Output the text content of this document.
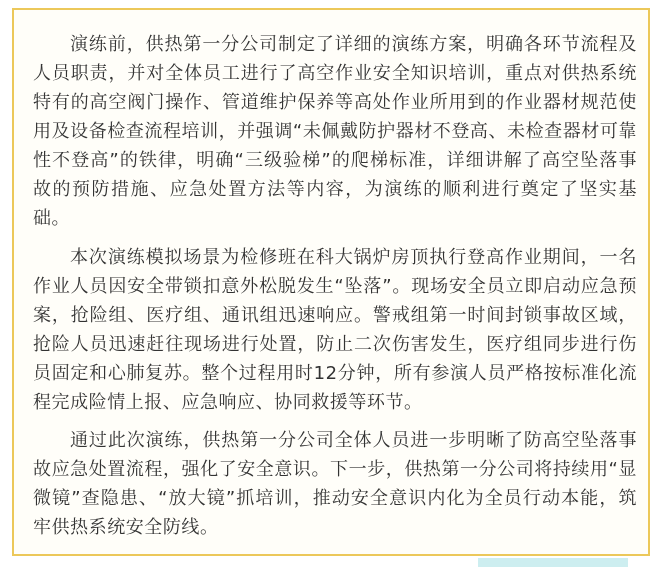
演练前，供热第一分公司制定了详细的演练方案，明确各环节流程及人员职责，并对全体员工进行了高空作业安全知识培训，重点对供热系统特有的高空阀门操作、管道维护保养等高处作业所用到的作业器材规范使用及设备检查流程培训，并强调“未佩戴防护器材不登高、未检查器材可靠性不登高”的铁律，明确“三级验梯”的爬梯标准，详细讲解了高空坠落事故的预防措施、应急处置方法等内容，为演练的顺利进行奠定了坚实基础。

本次演练模拟场景为检修班在科大锅炉房顶执行登高作业期间，一名作业人员因安全带锁扣意外松脱发生“坠落”。现场安全员立即启动应急预案，抢险组、医疗组、通讯组迅速响应。警戒组第一时间封锁事故区域，抢险人员迅速赶往现场进行处置，防止二次伤害发生，医疗组同步进行伤员固定和心肺复苏。整个过程用时12分钟，所有参演人员严格按标准化流程完成险情上报、应急响应、协同救援等环节。

通过此次演练，供热第一分公司全体人员进一步明晰了防高空坠落事故应急处置流程，强化了安全意识。下一步，供热第一分公司将持续用“显微镜”查隐患、“放大镜”抓培训，推动安全意识内化为全员行动本能，筑牢供热系统安全防线。
